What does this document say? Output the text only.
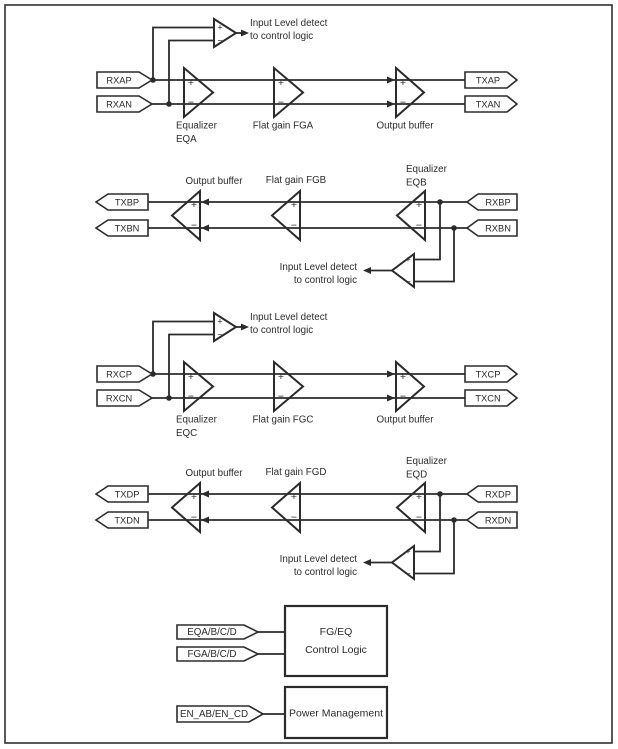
+
−
Input Level detect
to control logic
RXAP
RXAN
TXAP
TXAN
+
−
+
−
+
−
Equalizer
EQA
Flat gain FGA	Output buffer
+
−
Input Level detect
to control logic
TXBP
TXBN
RXBP
RXBN
+
−
+
−
+
−
Output buffer Flat gain FGB
Equalizer
EQB
+
−
Input Level detect
to control logic
RXCP
RXCN
TXCP
TXCN
+
−
+
−
+
−
Equalizer
EQC
Flat gain FGC	Output buffer
+
−
Input Level detect
to control logic
TXDP
TXDN
RXDP
RXDN
+
−
+
−
+
−
Output buffer Flat gain FGD
Equalizer
EQD
EQA/B/C/D
FGA/B/C/D
FG/EQ
Control Logic
EN_AB/EN_CD	Power Management
